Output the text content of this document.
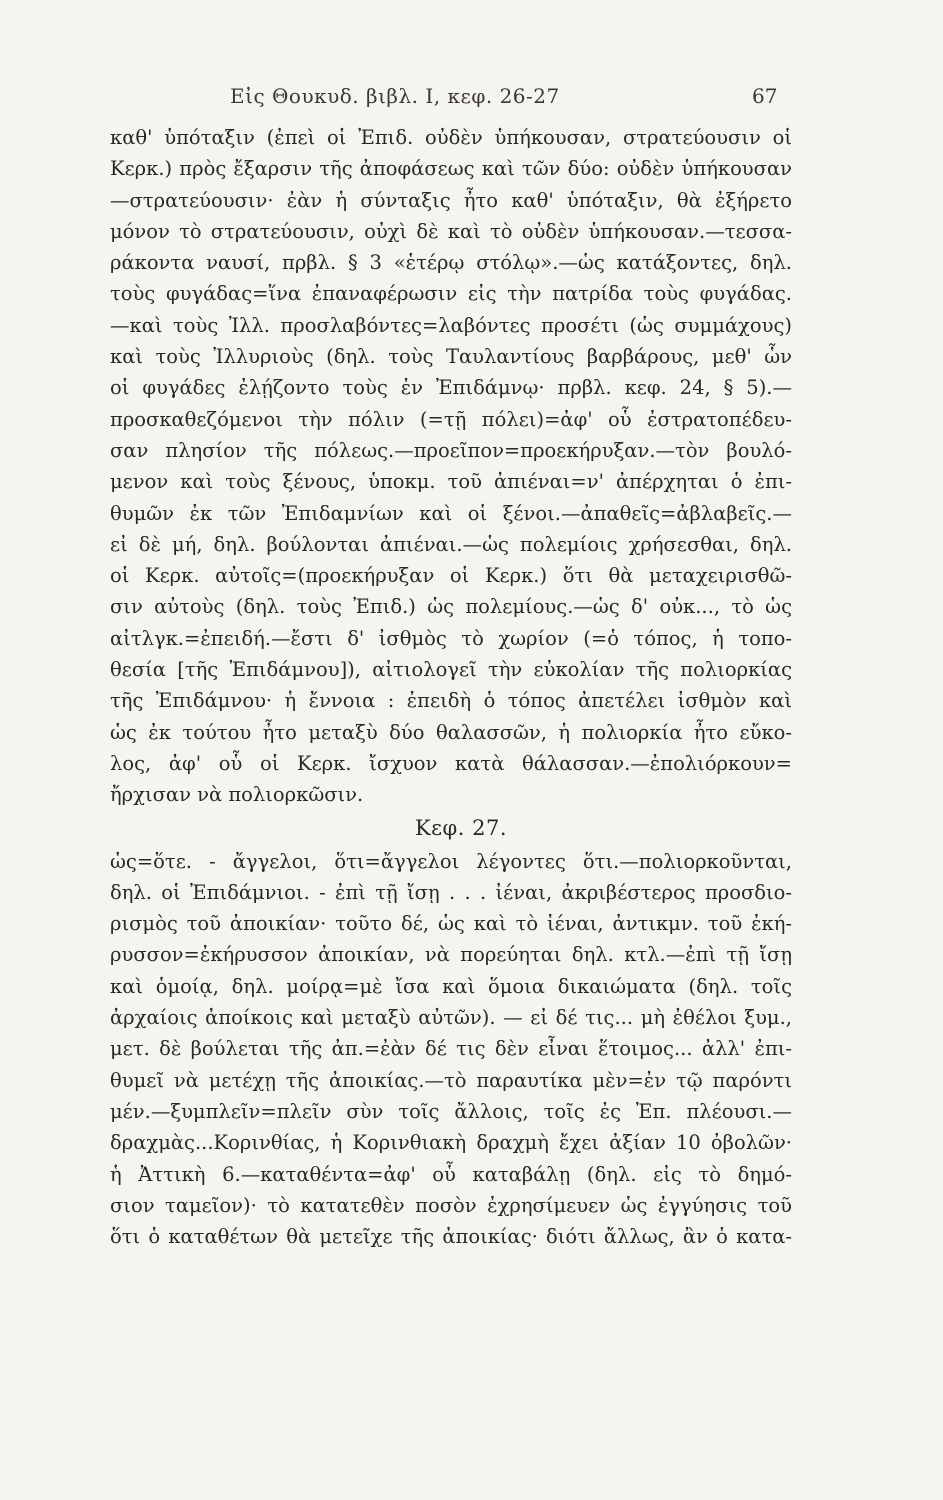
Εἰς Θουκυδ. βιβλ. Ι, κεφ. 26-27	67
καθ' ὑπόταξιν (ἐπεὶ οἱ Ἐπιδ. οὐδὲν ὑπήκουσαν, στρατεύουσιν οἱ
Κερκ.) πρὸς ἔξαρσιν τῆς ἀποφάσεως καὶ τῶν δύο: οὐδὲν ὑπήκουσαν
—στρατεύουσιν· ἐὰν ἡ σύνταξις ἦτο καθ' ὑπόταξιν, θὰ ἐξήρετο
μόνον τὸ στρατεύουσιν, οὐχὶ δὲ καὶ τὸ οὐδὲν ὑπήκουσαν.—τεσσα-
ράκοντα ναυσί, πρβλ. § 3 «ἑτέρῳ στόλῳ».—ὡς κατάξοντες, δηλ.
τοὺς φυγάδας=ἵνα ἐπαναφέρωσιν εἰς τὴν πατρίδα τοὺς φυγάδας.
—καὶ τοὺς Ἰλλ. προσλαβόντες=λαβόντες προσέτι (ὡς συμμάχους)
καὶ τοὺς Ἰλλυριοὺς (δηλ. τοὺς Ταυλαντίους βαρβάρους, μεθ' ὧν
οἱ φυγάδες ἐλῄζοντο τοὺς ἐν Ἐπιδάμνῳ· πρβλ. κεφ. 24, § 5).—
προσκαθεζόμενοι τὴν πόλιν (=τῇ πόλει)=ἀφ' οὗ ἐστρατοπέδευ-
σαν πλησίον τῆς πόλεως.—προεῖπον=προεκήρυξαν.—τὸν βουλό-
μενον καὶ τοὺς ξένους, ὑποκμ. τοῦ ἀπιέναι=ν' ἀπέρχηται ὁ ἐπι-
θυμῶν ἐκ τῶν Ἐπιδαμνίων καὶ οἱ ξένοι.—ἀπαθεῖς=ἀβλαβεῖς.—
εἰ δὲ μή, δηλ. βούλονται ἀπιέναι.—ὡς πολεμίοις χρήσεσθαι, δηλ.
οἱ Κερκ. αὐτοῖς=(προεκήρυξαν οἱ Κερκ.) ὅτι θὰ μεταχειρισθῶ-
σιν αὐτοὺς (δηλ. τοὺς Ἐπιδ.) ὡς πολεμίους.—ὡς δ' οὐκ..., τὸ ὡς
αἰτλγκ.=ἐπειδή.—ἔστι δ' ἰσθμὸς τὸ χωρίον (=ὁ τόπος, ἡ τοπο-
θεσία [τῆς Ἐπιδάμνου]), αἰτιολογεῖ τὴν εὐκολίαν τῆς πολιορκίας
τῆς Ἐπιδάμνου· ἡ ἔννοια : ἐπειδὴ ὁ τόπος ἀπετέλει ἰσθμὸν καὶ
ὡς ἐκ τούτου ἦτο μεταξὺ δύο θαλασσῶν, ἡ πολιορκία ἦτο εὔκο-
λος, ἀφ' οὗ οἱ Κερκ. ἴσχυον κατὰ θάλασσαν.—ἐπολιόρκουν=
ἤρχισαν νὰ πολιορκῶσιν.
Κεφ. 27.
ὡς=ὅτε. - ἄγγελοι, ὅτι=ἄγγελοι λέγοντες ὅτι.—πολιορκοῦνται,
δηλ. οἱ Ἐπιδάμνιοι. - ἐπὶ τῇ ἴσῃ . . . ἰέναι, ἀκριβέστερος προσδιο-
ρισμὸς τοῦ ἀποικίαν· τοῦτο δέ, ὡς καὶ τὸ ἰέναι, ἀντικμν. τοῦ ἐκή-
ρυσσον=ἐκήρυσσον ἀποικίαν, νὰ πορεύηται δηλ. κτλ.—ἐπὶ τῇ ἴσῃ
καὶ ὁμοίᾳ, δηλ. μοίρᾳ=μὲ ἴσα καὶ ὅμοια δικαιώματα (δηλ. τοῖς
ἀρχαίοις ἀποίκοις καὶ μεταξὺ αὐτῶν). — εἰ δέ τις... μὴ ἐθέλοι ξυμ.,
μετ. δὲ βούλεται τῆς ἀπ.=ἐὰν δέ τις δὲν εἶναι ἕτοιμος... ἀλλ' ἐπι-
θυμεῖ νὰ μετέχῃ τῆς ἀποικίας.—τὸ παραυτίκα μὲν=ἐν τῷ παρόντι
μέν.—ξυμπλεῖν=πλεῖν σὺν τοῖς ἄλλοις, τοῖς ἐς Ἐπ. πλέουσι.—
δραχμὰς...Κορινθίας, ἡ Κορινθιακὴ δραχμὴ ἔχει ἀξίαν 10 ὀβολῶν·
ἡ Ἀττικὴ 6.—καταθέντα=ἀφ' οὗ καταβάλῃ (δηλ. εἰς τὸ δημό-
σιον ταμεῖον)· τὸ κατατεθὲν ποσὸν ἐχρησίμευεν ὡς ἐγγύησις τοῦ
ὅτι ὁ καταθέτων θὰ μετεῖχε τῆς ἀποικίας· διότι ἄλλως, ἂν ὁ κατα-
